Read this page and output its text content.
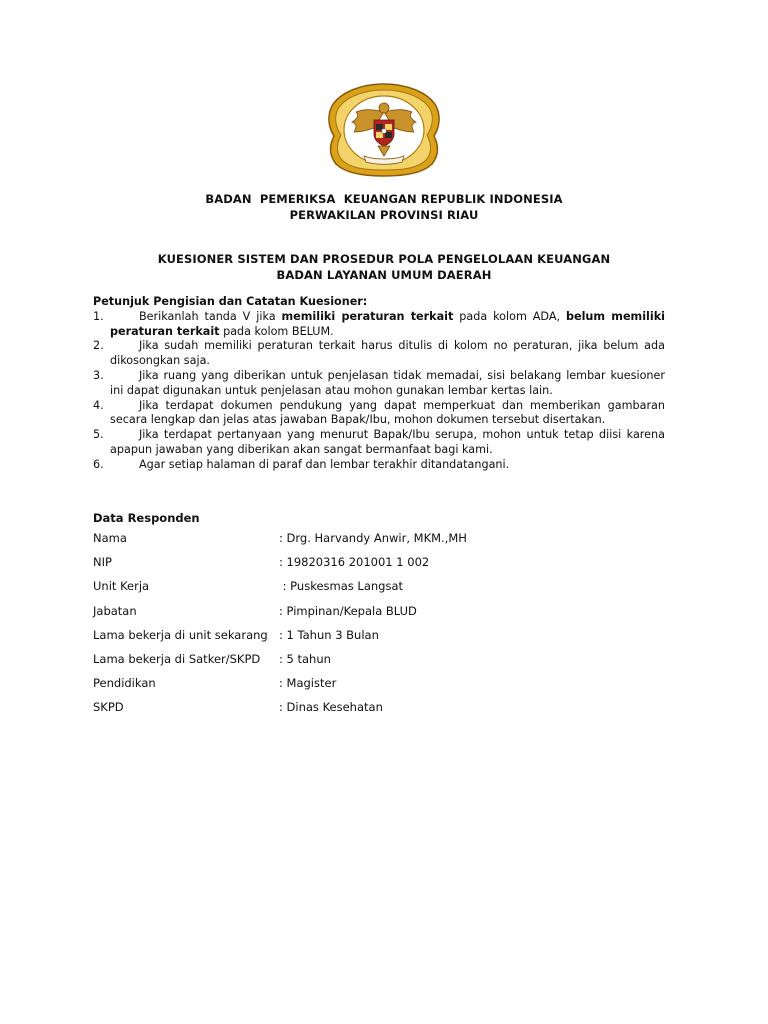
BADAN  PEMERIKSA  KEUANGAN REPUBLIK INDONESIA
PERWAKILAN PROVINSI RIAU
KUESIONER SISTEM DAN PROSEDUR POLA PENGELOLAAN KEUANGAN
BADAN LAYANAN UMUM DAERAH
Petunjuk Pengisian dan Catatan Kuesioner:
1.	Berikanlah tanda V jika memiliki peraturan terkait pada kolom ADA, belum memiliki peraturan terkait pada kolom BELUM.
2.	Jika sudah memiliki peraturan terkait harus ditulis di kolom no peraturan, jika belum ada dikosongkan saja.
3.	Jika ruang yang diberikan untuk penjelasan tidak memadai, sisi belakang lembar kuesioner ini dapat digunakan untuk penjelasan atau mohon gunakan lembar kertas lain.
4.	Jika terdapat dokumen pendukung yang dapat memperkuat dan memberikan gambaran secara lengkap dan jelas atas jawaban Bapak/Ibu, mohon dokumen tersebut disertakan.
5.	Jika terdapat pertanyaan yang menurut Bapak/Ibu serupa, mohon untuk tetap diisi karena apapun jawaban yang diberikan akan sangat bermanfaat bagi kami.
6.	Agar setiap halaman di paraf dan lembar terakhir ditandatangani.
Data Responden
Nama	: Drg. Harvandy Anwir, MKM.,MH
NIP	: 19820316 201001 1 002
Unit Kerja	: Puskesmas Langsat
Jabatan	: Pimpinan/Kepala BLUD
Lama bekerja di unit sekarang : 1 Tahun 3 Bulan
Lama bekerja di Satker/SKPD : 5 tahun
Pendidikan	: Magister
SKPD	: Dinas Kesehatan
